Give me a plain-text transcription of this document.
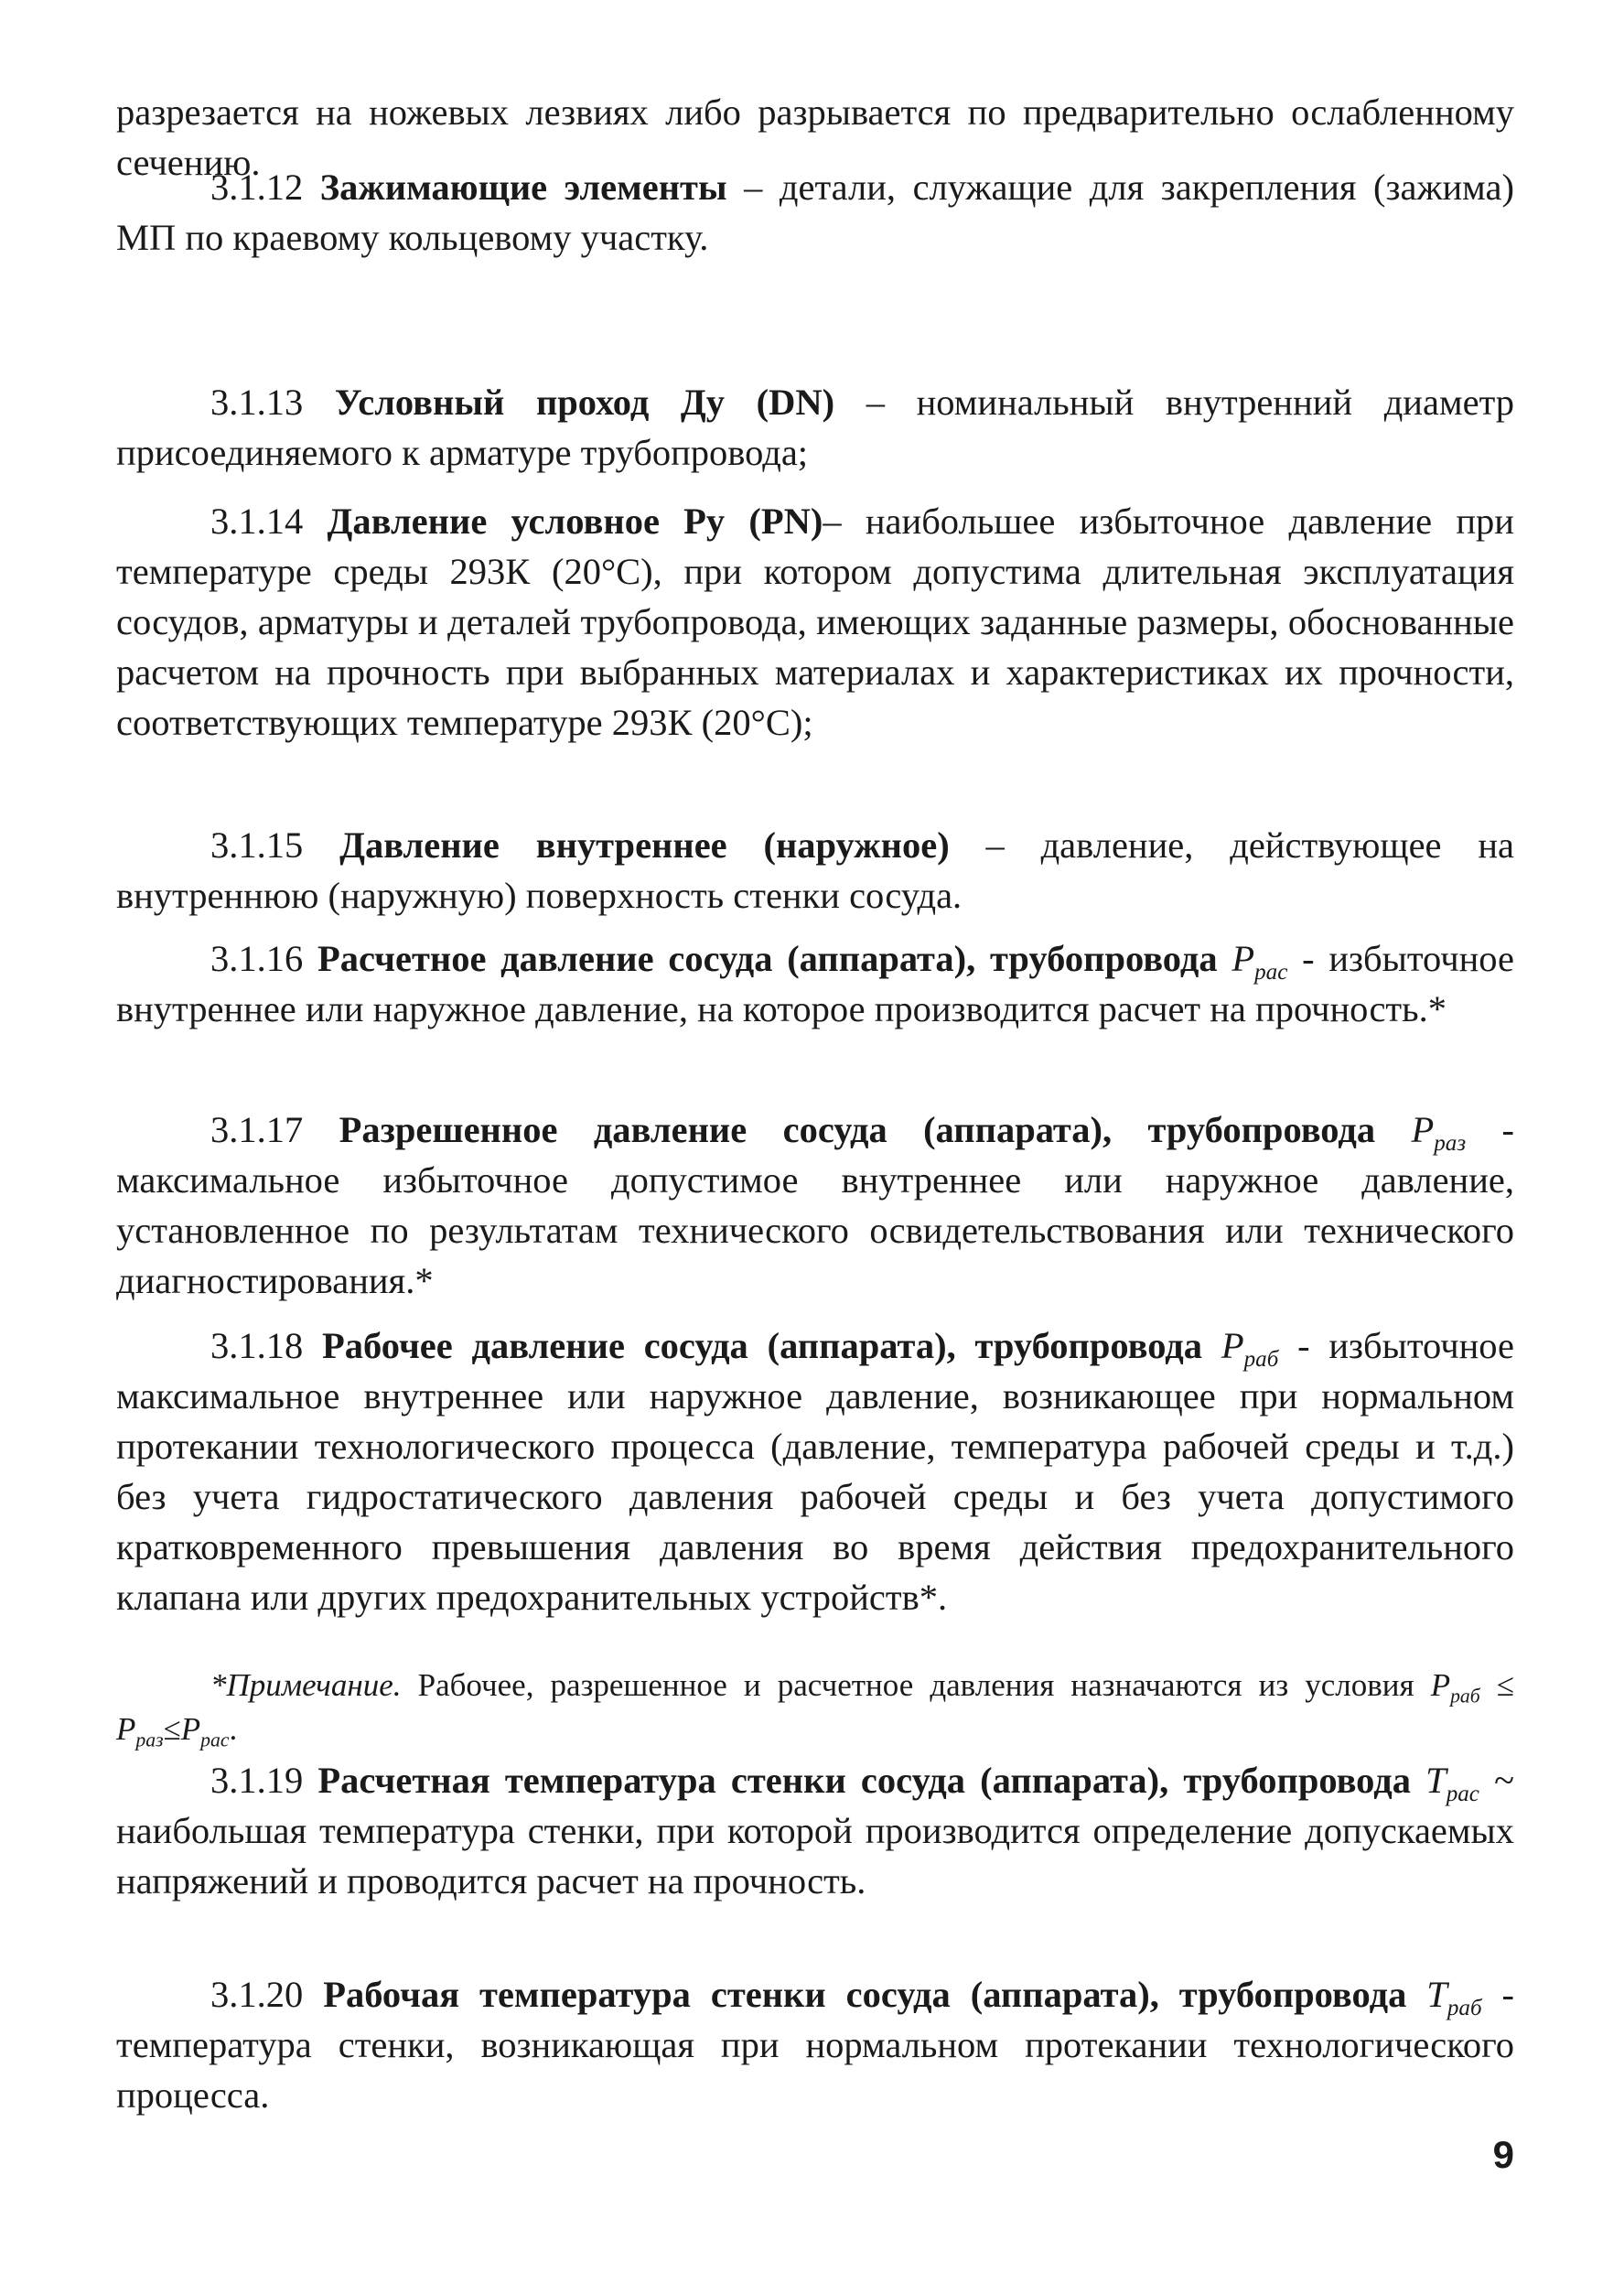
разрезается на ножевых лезвиях либо разрывается по предварительно ослабленному сечению.
3.1.12 Зажимающие элементы – детали, служащие для закрепления (зажима) МП по краевому кольцевому участку.
3.1.13 Условный проход Ду (DN) – номинальный внутренний диаметр присоединяемого к арматуре трубопровода;
3.1.14 Давление условное Ру (PN)– наибольшее избыточное давление при температуре среды 293К (20°С), при котором допустима длительная эксплуатация сосудов, арматуры и деталей трубопровода, имеющих заданные размеры, обоснованные расчетом на прочность при выбранных материалах и характеристиках их прочности, соответствующих температуре 293К (20°С);
3.1.15 Давление внутреннее (наружное) – давление, действующее на внутреннюю (наружную) поверхность стенки сосуда.
3.1.16 Расчетное давление сосуда (аппарата), трубопровода $P_{рас}$ - избыточное внутреннее или наружное давление, на которое производится расчет на прочность.*
3.1.17 Разрешенное давление сосуда (аппарата), трубопровода $P_{раз}$ - максимальное избыточное допустимое внутреннее или наружное давление, установленное по результатам технического освидетельствования или технического диагностирования.*
3.1.18 Рабочее давление сосуда (аппарата), трубопровода $P_{раб}$ - избыточное максимальное внутреннее или наружное давление, возникающее при нормальном протекании технологического процесса (давление, температура рабочей среды и т.д.) без учета гидростатического давления рабочей среды и без учета допустимого кратковременного превышения давления во время действия предохранительного клапана или других предохранительных устройств*.
*Примечание. Рабочее, разрешенное и расчетное давления назначаются из условия $P_{раб} \le P_{раз}\le P_{рас}$.
3.1.19 Расчетная температура стенки сосуда (аппарата), трубопровода $T_{рас}$ ~ наибольшая температура стенки, при которой производится определение допускаемых напряжений и проводится расчет на прочность.
3.1.20 Рабочая температура стенки сосуда (аппарата), трубопровода $T_{раб}$ - температура стенки, возникающая при нормальном протекании технологического процесса.
9
